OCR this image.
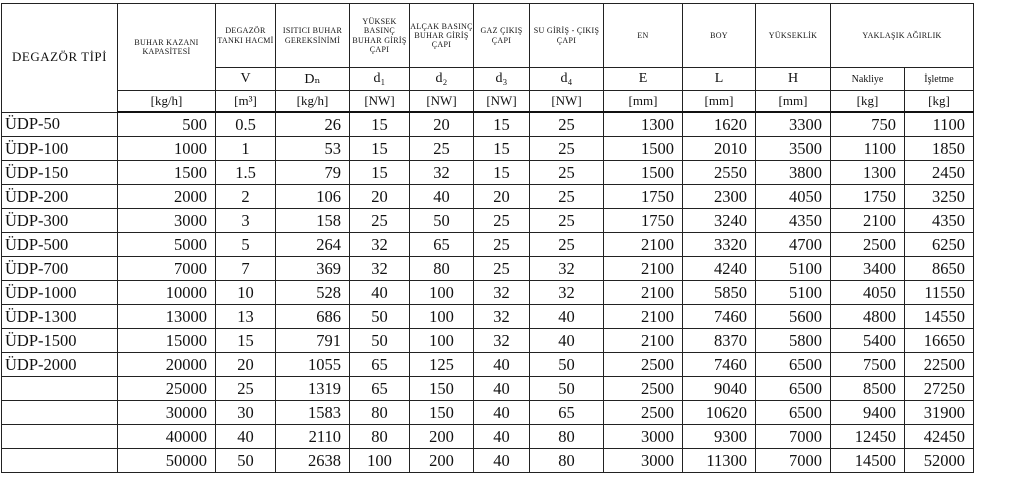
DEGAZÖR TİPİ	BUHAR KAZANI KAPASİTESİ	DEGAZÖR TANKI HACMİ	ISITICI BUHAR GEREKSİNİMİ	YÜKSEK BASINÇ BUHAR GİRİŞ ÇAPI	ALÇAK BASINÇ BUHAR GİRİŞ ÇAPI	GAZ ÇIKIŞ ÇAPI	SU GİRİŞ - ÇIKIŞ ÇAPI	EN	BOY	YÜKSEKLİK	YAKLAŞIK AĞIRLIK	
		V	Dₙ	d₁	d₂	d₃	d₄	E	L	H	Nakliye	İşletme
	[kg/h]	[m³]	[kg/h]	[NW]	[NW]	[NW]	[NW]	[mm]	[mm]	[mm]	[kg]	[kg]
ÜDP-50	500	0.5	26	15	20	15	25	1300	1620	3300	750	1100
ÜDP-100	1000	1	53	15	25	15	25	1500	2010	3500	1100	1850
ÜDP-150	1500	1.5	79	15	32	15	25	1500	2550	3800	1300	2450
ÜDP-200	2000	2	106	20	40	20	25	1750	2300	4050	1750	3250
ÜDP-300	3000	3	158	25	50	25	25	1750	3240	4350	2100	4350
ÜDP-500	5000	5	264	32	65	25	25	2100	3320	4700	2500	6250
ÜDP-700	7000	7	369	32	80	25	32	2100	4240	5100	3400	8650
ÜDP-1000	10000	10	528	40	100	32	32	2100	5850	5100	4050	11550
ÜDP-1300	13000	13	686	50	100	32	40	2100	7460	5600	4800	14550
ÜDP-1500	15000	15	791	50	100	32	40	2100	8370	5800	5400	16650
ÜDP-2000	20000	20	1055	65	125	40	50	2500	7460	6500	7500	22500
	25000	25	1319	65	150	40	50	2500	9040	6500	8500	27250
	30000	30	1583	80	150	40	65	2500	10620	6500	9400	31900
	40000	40	2110	80	200	40	80	3000	9300	7000	12450	42450
	50000	50	2638	100	200	40	80	3000	11300	7000	14500	52000
